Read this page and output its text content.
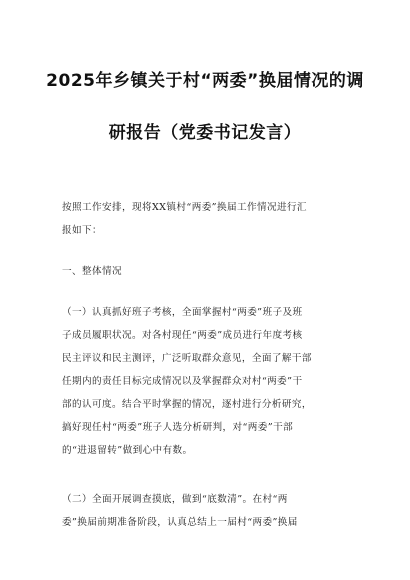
2025年乡镇关于村“两委”换届情况的调
研报告（党委书记发言）
按照工作安排，现将XX镇村“两委”换届工作情况进行汇
报如下：
一、整体情况
（一）认真抓好班子考核，全面掌握村“两委”班子及班
子成员履职状况。对各村现任“两委”成员进行年度考核
民主评议和民主测评，广泛听取群众意见，全面了解干部
任期内的责任目标完成情况以及掌握群众对村“两委”干
部的认可度。结合平时掌握的情况，逐村进行分析研究，
搞好现任村“两委”班子人选分析研判，对“两委”干部
的“进退留转”做到心中有数。
（二）全面开展调查摸底，做到“底数清”。在村“两
委”换届前期准备阶段，认真总结上一届村“两委”换届
